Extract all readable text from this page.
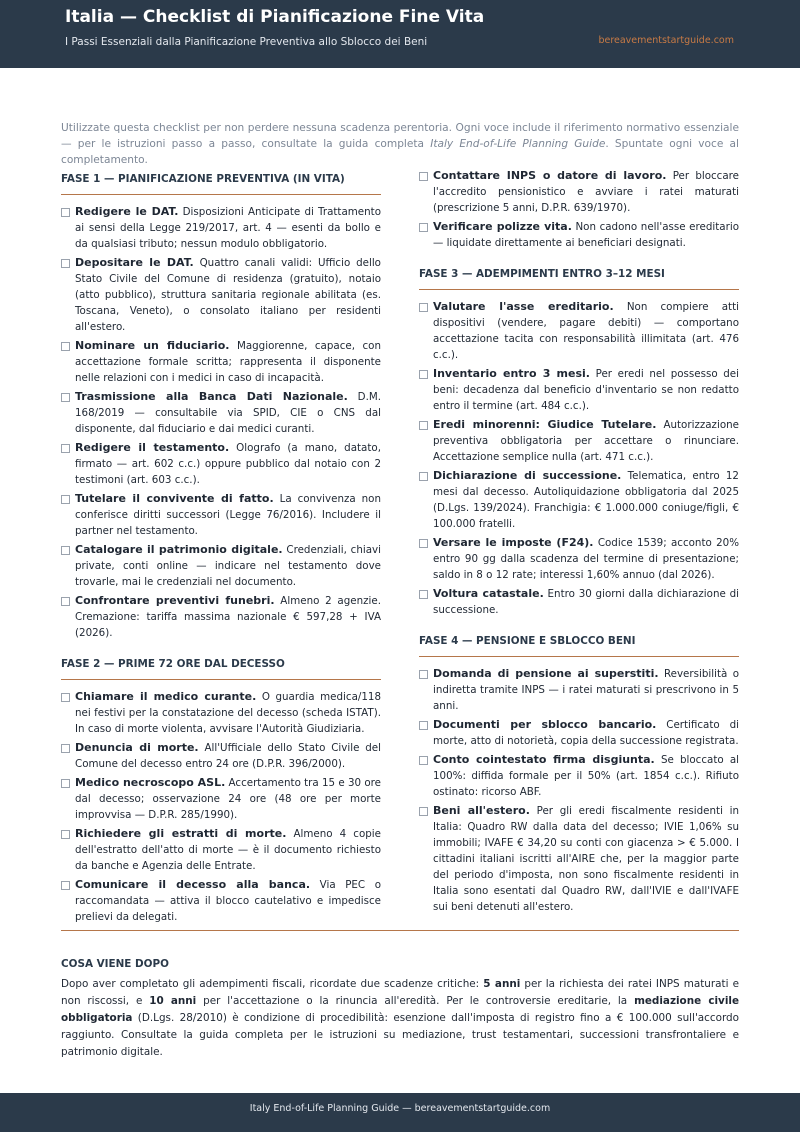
Italia — Checklist di Pianificazione Fine Vita
I Passi Essenziali dalla Pianificazione Preventiva allo Sblocco dei Beni	bereavementstartguide.com
Utilizzate questa checklist per non perdere nessuna scadenza perentoria. Ogni voce include il riferimento normativo essenziale — per le istruzioni passo a passo, consultate la guida completa Italy End-of-Life Planning Guide. Spuntate ogni voce al completamento.
FASE 1 — PIANIFICAZIONE PREVENTIVA (IN VITA)
Redigere le DAT. Disposizioni Anticipate di Trattamento ai sensi della Legge 219/2017, art. 4 — esenti da bollo e da qualsiasi tributo; nessun modulo obbligatorio.
Depositare le DAT. Quattro canali validi: Ufficio dello Stato Civile del Comune di residenza (gratuito), notaio (atto pubblico), struttura sanitaria regionale abilitata (es. Toscana, Veneto), o consolato italiano per residenti all'estero.
Nominare un fiduciario. Maggiorenne, capace, con accettazione formale scritta; rappresenta il disponente nelle relazioni con i medici in caso di incapacità.
Trasmissione alla Banca Dati Nazionale. D.M. 168/2019 — consultabile via SPID, CIE o CNS dal disponente, dal fiduciario e dai medici curanti.
Redigere il testamento. Olografo (a mano, datato, firmato — art. 602 c.c.) oppure pubblico dal notaio con 2 testimoni (art. 603 c.c.).
Tutelare il convivente di fatto. La convivenza non conferisce diritti successori (Legge 76/2016). Includere il partner nel testamento.
Catalogare il patrimonio digitale. Credenziali, chiavi private, conti online — indicare nel testamento dove trovarle, mai le credenziali nel documento.
Confrontare preventivi funebri. Almeno 2 agenzie. Cremazione: tariffa massima nazionale € 597,28 + IVA (2026).
FASE 2 — PRIME 72 ORE DAL DECESSO
Chiamare il medico curante. O guardia medica/118 nei festivi per la constatazione del decesso (scheda ISTAT). In caso di morte violenta, avvisare l'Autorità Giudiziaria.
Denuncia di morte. All'Ufficiale dello Stato Civile del Comune del decesso entro 24 ore (D.P.R. 396/2000).
Medico necroscopo ASL. Accertamento tra 15 e 30 ore dal decesso; osservazione 24 ore (48 ore per morte improvvisa — D.P.R. 285/1990).
Richiedere gli estratti di morte. Almeno 4 copie dell'estratto dell'atto di morte — è il documento richiesto da banche e Agenzia delle Entrate.
Comunicare il decesso alla banca. Via PEC o raccomandata — attiva il blocco cautelativo e impedisce prelievi da delegati.
Contattare INPS o datore di lavoro. Per bloccare l'accredito pensionistico e avviare i ratei maturati (prescrizione 5 anni, D.P.R. 639/1970).
Verificare polizze vita. Non cadono nell'asse ereditario — liquidate direttamente ai beneficiari designati.
FASE 3 — ADEMPIMENTI ENTRO 3–12 MESI
Valutare l'asse ereditario. Non compiere atti dispositivi (vendere, pagare debiti) — comportano accettazione tacita con responsabilità illimitata (art. 476 c.c.).
Inventario entro 3 mesi. Per eredi nel possesso dei beni: decadenza dal beneficio d'inventario se non redatto entro il termine (art. 484 c.c.).
Eredi minorenni: Giudice Tutelare. Autorizzazione preventiva obbligatoria per accettare o rinunciare. Accettazione semplice nulla (art. 471 c.c.).
Dichiarazione di successione. Telematica, entro 12 mesi dal decesso. Autoliquidazione obbligatoria dal 2025 (D.Lgs. 139/2024). Franchigia: € 1.000.000 coniuge/figli, € 100.000 fratelli.
Versare le imposte (F24). Codice 1539; acconto 20% entro 90 gg dalla scadenza del termine di presentazione; saldo in 8 o 12 rate; interessi 1,60% annuo (dal 2026).
Voltura catastale. Entro 30 giorni dalla dichiarazione di successione.
FASE 4 — PENSIONE E SBLOCCO BENI
Domanda di pensione ai superstiti. Reversibilità o indiretta tramite INPS — i ratei maturati si prescrivono in 5 anni.
Documenti per sblocco bancario. Certificato di morte, atto di notorietà, copia della successione registrata.
Conto cointestato firma disgiunta. Se bloccato al 100%: diffida formale per il 50% (art. 1854 c.c.). Rifiuto ostinato: ricorso ABF.
Beni all'estero. Per gli eredi fiscalmente residenti in Italia: Quadro RW dalla data del decesso; IVIE 1,06% su immobili; IVAFE € 34,20 su conti con giacenza > € 5.000. I cittadini italiani iscritti all'AIRE che, per la maggior parte del periodo d'imposta, non sono fiscalmente residenti in Italia sono esentati dal Quadro RW, dall'IVIE e dall'IVAFE sui beni detenuti all'estero.
COSA VIENE DOPO
Dopo aver completato gli adempimenti fiscali, ricordate due scadenze critiche: 5 anni per la richiesta dei ratei INPS maturati e non riscossi, e 10 anni per l'accettazione o la rinuncia all'eredità. Per le controversie ereditarie, la mediazione civile obbligatoria (D.Lgs. 28/2010) è condizione di procedibilità: esenzione dall'imposta di registro fino a € 100.000 sull'accordo raggiunto. Consultate la guida completa per le istruzioni su mediazione, trust testamentari, successioni transfrontaliere e patrimonio digitale.
Italy End-of-Life Planning Guide — bereavementstartguide.com
